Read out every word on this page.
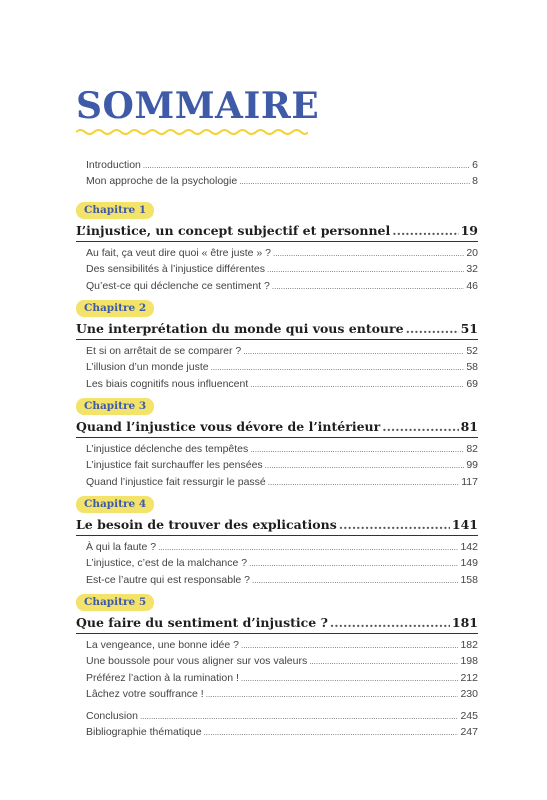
SOMMAIRE
Introduction .....	6
Mon approche de la psychologie .....	8
Chapitre 1
L’injustice, un concept subjectif et personnel .....	19
Au fait, ça veut dire quoi « être juste » ? .....	20
Des sensibilités à l’injustice différentes .....	32
Qu’est-ce qui déclenche ce sentiment ? .....	46
Chapitre 2
Une interprétation du monde qui vous entoure .....	51
Et si on arrêtait de se comparer ? .....	52
L’illusion d’un monde juste .....	58
Les biais cognitifs nous influencent .....	69
Chapitre 3
Quand l’injustice vous dévore de l’intérieur .....	81
L’injustice déclenche des tempêtes .....	82
L’injustice fait surchauffer les pensées .....	99
Quand l’injustice fait ressurgir le passé .....	117
Chapitre 4
Le besoin de trouver des explications .....	141
À qui la faute ? .....	142
L’injustice, c’est de la malchance ? .....	149
Est-ce l’autre qui est responsable ? .....	158
Chapitre 5
Que faire du sentiment d’injustice ? .....	181
La vengeance, une bonne idée ? .....	182
Une boussole pour vous aligner sur vos valeurs .....	198
Préférez l’action à la rumination ! .....	212
Lâchez votre souffrance ! .....	230
Conclusion .....	245
Bibliographie thématique .....	247
